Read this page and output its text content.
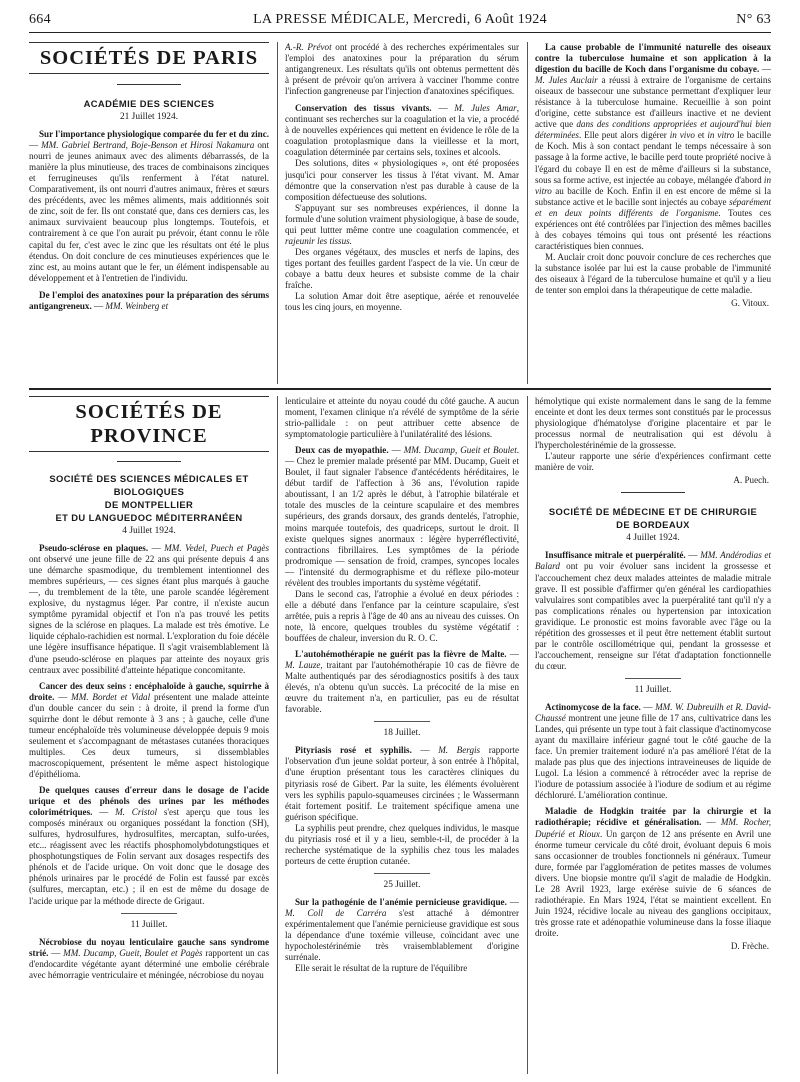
664	LA PRESSE MÉDICALE, Mercredi, 6 Août 1924	N° 63
SOCIÉTÉS DE PARIS
ACADÉMIE DES SCIENCES
21 Juillet 1924.

Sur l'importance physiologique comparée du fer et du zinc. — MM. Gabriel Bertrand, Boje-Benson et Hirosi Nakamura ont nourri de jeunes animaux avec des aliments débarrassés, de la manière la plus minutieuse, des traces de combinaisons zinciques et ferrugineuses qu'ils renferment à l'état naturel. Comparativement, ils ont nourri d'autres animaux, frères et sœurs des précédents, avec les mêmes aliments, mais additionnés soit de zinc, soit de fer. Ils ont constaté que, dans ces derniers cas, les animaux survivaient beaucoup plus longtemps. Toutefois, et contrairement à ce que l'on aurait pu prévoir, étant connu le rôle capital du fer, c'est avec le zinc que les résultats ont été le plus étendus. On doit conclure de ces minutieuses expériences que le zinc est, au moins autant que le fer, un élément indispensable au développement et à l'entretien de l'individu.

De l'emploi des anatoxines pour la préparation des sérums antigangreneux. — MM. Weinberg et

A.-R. Prévot ont procédé à des recherches expérimentales sur l'emploi des anatoxines pour la préparation du sérum antigangreneux. Les résultats qu'ils ont obtenus permettent dès à présent de prévoir qu'on arrivera à vacciner l'homme contre l'infection gangreneuse par l'injection d'anatoxines spécifiques.

Conservation des tissus vivants. — M. Jules Amar, continuant ses recherches sur la coagulation et la vie, a procédé à de nouvelles expériences qui mettent en évidence le rôle de la coagulation protoplasmique dans la vieillesse et la mort, coagulation déterminée par certains sels, toxines et alcools.

Des solutions, dites « physiologiques », ont été proposées jusqu'ici pour conserver les tissus à l'état vivant. M. Amar démontre que la conservation n'est pas durable à cause de la composition défectueuse des solutions.

S'appuyant sur ses nombreuses expériences, il donne la formule d'une solution vraiment physiologique, à base de soude, qui peut luttter même contre une coagulation commencée, et rajeunir les tissus.

Des organes végétaux, des muscles et nerfs de lapins, des tiges portant des feuilles gardent l'aspect de la vie. Un cœur de cobaye a battu deux heures et subsiste comme de la chair fraîche.

La solution Amar doit être aseptique, aérée et renouvelée tous les cinq jours, en moyenne.

La cause probable de l'immunité naturelle des oiseaux contre la tuberculose humaine et son application à la digestion du bacille de Koch dans l'organisme du cobaye. — M. Jules Auclair a réussi à extraire de l'organisme de certains oiseaux de bassecour une substance permettant d'expliquer leur résistance à la tuberculose humaine. Recueillie à son point d'origine, cette substance est d'ailleurs inactive et ne devient active que dans des conditions appropriées et aujourd'hui bien déterminées. Elle peut alors digérer in vivo et in vitro le bacille de Koch. Mis à son contact pendant le temps nécessaire à son passage à la forme active, le bacille perd toute propriété nocive à l'égard du cobaye Il en est de même d'ailleurs si la substance, sous sa forme active, est injectée au cobaye, mélangée d'abord in vitro au bacille de Koch. Enfin il en est encore de même si la substance active et le bacille sont injectés au cobaye séparément et en deux points différents de l'organisme. Toutes ces expériences ont été contrôlées par l'injection des mêmes bacilles à des cobayes témoins qui tous ont présenté les réactions caractéristiques bien connues.

M. Auclair croit donc pouvoir conclure de ces recherches que la substance isolée par lui est la cause probable de l'immunité des oiseaux à l'égard de la tuberculose humaine et qu'il y a lieu de tenter son emploi dans la thérapeutique de cette maladie.

G. Vitoux.
SOCIÉTÉS DE PROVINCE
SOCIÉTÉ DES SCIENCES MÉDICALES ET BIOLOGIQUES
DE MONTPELLIER
ET DU LANGUEDOC MÉDITERRANÉEN
4 Juillet 1924.

Pseudo-sclérose en plaques. — MM. Vedel, Puech et Pagès ont observé une jeune fille de 22 ans qui présente depuis 4 ans une démarche spasmodique, du tremblement intentionnel des membres supérieurs, — ces signes étant plus marqués à gauche —, du tremblement de la tête, une parole scandée légèrement explosive, du nystagmus léger. Par contre, il n'existe aucun symptôme pyramidal objectif et l'on n'a pas trouvé les petits signes de la sclérose en plaques. La malade est très émotive. Le liquide céphalo-rachidien est normal. L'exploration du foie décèle une légère insuffisance hépatique. Il s'agit vraisemblablement là d'une pseudo-sclérose en plaques par atteinte des noyaux gris centraux avec possibilité d'atteinte hépatique concomitante.

Cancer des deux seins : encéphaloïde à gauche, squirrhe à droite. — MM. Bordet et Vidal présentent une malade atteinte d'un double cancer du sein : à droite, il prend la forme d'un squirrhe dont le début remonte à 3 ans ; à gauche, celle d'une tumeur encéphaloïde très volumineuse développée depuis 9 mois seulement et s'accompagnant de métastases cutanées thoraciques multiples. Ces deux tumeurs, si dissemblables macroscopiquement, présentent le même aspect histologique d'épithélioma.

De quelques causes d'erreur dans le dosage de l'acide urique et des phénols des urines par les méthodes colorimétriques. — M. Cristol s'est aperçu que tous les composés minéraux ou organiques possédant la fonction (SH), sulfures, hydrosulfures, hydrosulfites, mercaptan, sulfo-urées, etc... réagissent avec les réactifs phosphomolybdotungstiques et phosphotungstiques de Folin servant aux dosages respectifs des phénols et de l'acide urique. On voit donc que le dosage des phénols urinaires par le procédé de Folin est faussé par excès (sulfures, mercaptan, etc.) ; il en est de même du dosage de l'acide urique par la méthode directe de Grigaut.

11 Juillet.

Nécrobiose du noyau lenticulaire gauche sans syndrome strié. — MM. Ducamp, Gueit, Boulet et Pagès rapportent un cas d'endocardite végétante ayant déterminé une embolie cérébrale avec hémorragie ventriculaire et méningée, nécrobiose du noyau

lenticulaire et atteinte du noyau coudé du côté gauche. A aucun moment, l'examen clinique n'a révélé de symptôme de la série strio-pallidale : on peut attribuer cette absence de symptomatologie particulière à l'unilatéralité des lésions.

Deux cas de myopathie. — MM. Ducamp, Gueit et Boulet. — Chez le premier malade présenté par MM. Ducamp, Gueit et Boulet, il faut signaler l'absence d'antécédents héréditaires, le début tardif de l'affection à 36 ans, l'évolution rapide aboutissant, l an 1/2 après le début, à l'atrophie bilatérale et totale des muscles de la ceinture scapulaire et des membres supérieurs, des grands dorsaux, des grands dentelés, l'atrophie, moins marquée toutefois, des quadriceps, surtout le droit. Il existe quelques signes anormaux : légère hyperréflectivité, contractions fibrillaires. Les symptômes de la période prodromique — sensation de froid, crampes, syncopes locales — l'intensité du dermographisme et du réflexe pilo-moteur révèlent des troubles importants du système végétatif.

Dans le second cas, l'atrophie a évolué en deux périodes : elle a débuté dans l'enfance par la ceinture scapulaire, s'est arrêtée, puis a repris à l'âge de 40 ans au niveau des cuisses. On note, là encore, quelques troubles du système végétatif : bouffées de chaleur, inversion du R. O. C.

L'autohémothérapie ne guérit pas la fièvre de Malte. — M. Lauze, traitant par l'autohémothérapie 10 cas de fièvre de Malte authentiqués par des sérodiagnostics positifs à des taux élevés, n'a obtenu qu'un succès. La précocité de la mise en œuvre du traitement n'a, en particulier, pas eu de résultat favorable.

18 Juillet.

Pityriasis rosé et syphilis. — M. Bergis rapporte l'observation d'un jeune soldat porteur, à son entrée à l'hôpital, d'une éruption présentant tous les caractères cliniques du pityriasis rosé de Gibert. Par la suite, les éléments évoluèrent vers les syphilis papulo-squameuses circinées ; le Wassermann était fortement positif. Le traitement spécifique amena une guérison spécifique.

La syphilis peut prendre, chez quelques individus, le masque du pityriasis rosé et il y a lieu, semble-t-il, de procéder à la recherche systématique de la syphilis chez tous les malades porteurs de cette éruption cutanée.

25 Juillet.

Sur la pathogénie de l'anémie pernicieuse gravidique. — M. Coll de Carréra s'est attaché à démontrer expérimentalement que l'anémie pernicieuse gravidique est sous la dépendance d'une toxémie villeuse, coïncidant avec une hypocholestérinémie très vraisemblablement d'origine surrénale.

Elle serait le résultat de la rupture de l'équilibre

hémolytique qui existe normalement dans le sang de la femme enceinte et dont les deux termes sont constitués par le processus physiologique d'hématolyse d'origine placentaire et par le processus normal de neutralisation qui est dévolu à l'hypercholestérinémie de la grossesse.

L'auteur rapporte une série d'expériences confirmant cette manière de voir.

A. Puech.
SOCIÉTÉ DE MÉDECINE ET DE CHIRURGIE
DE BORDEAUX
4 Juillet 1924.

Insuffisance mitrale et puerpéralité. — MM. Andérodias et Balard ont pu voir évoluer sans incident la grossesse et l'accouchement chez deux malades atteintes de maladie mitrale grave. Il est possible d'affirmer qu'en général les cardiopathies valvulaires sont compatibles avec la puerpéralité tant qu'il n'y a pas complications rénales ou hypertension par intoxication gravidique. Le pronostic est moins favorable avec l'âge ou la répétition des grossesses et il peut être nettement établit surtout par le contrôle oscillométrique qui, pendant la grossesse et l'accouchement, renseigne sur l'état d'adaptation fonctionnelle du cœur.

11 Juillet.

Actinomycose de la face. — MM. W. Dubreuilh et R. David-Chaussé montrent une jeune fille de 17 ans, cultivatrice dans les Landes, qui présente un type tout à fait classique d'actinomycose ayant du maxillaire inférieur gagné tout le côté gauche de la face. Un premier traitement ioduré n'a pas amélioré l'état de la malade pas plus que des injections intraveineuses de liquide de Lugol. La lésion a commencé à rétrocéder avec la reprise de l'iodure de potassium associée à l'iodure de sodium et au régime déchloruré. L'amélioration continue.

Maladie de Hodgkin traitée par la chirurgie et la radiothérapie; récidive et généralisation. — MM. Rocher, Dupérié et Rioux. Un garçon de 12 ans présente en Avril une énorme tumeur cervicale du côté droit, évoluant depuis 6 mois sans occasionner de troubles fonctionnels ni généraux. Tumeur dure, formée par l'agglomération de petites masses de volumes divers. Une biopsie montre qu'il s'agit de maladie de Hodgkin. Le 28 Avril 1923, large exérèse suivie de 6 séances de radiothérapie. En Mars 1924, l'état se maintient excellent. En Juin 1924, récidive locale au niveau des ganglions occipitaux, très grosse rate et adénopathie volumineuse dans la fosse iliaque droite.

D. Frèche.
